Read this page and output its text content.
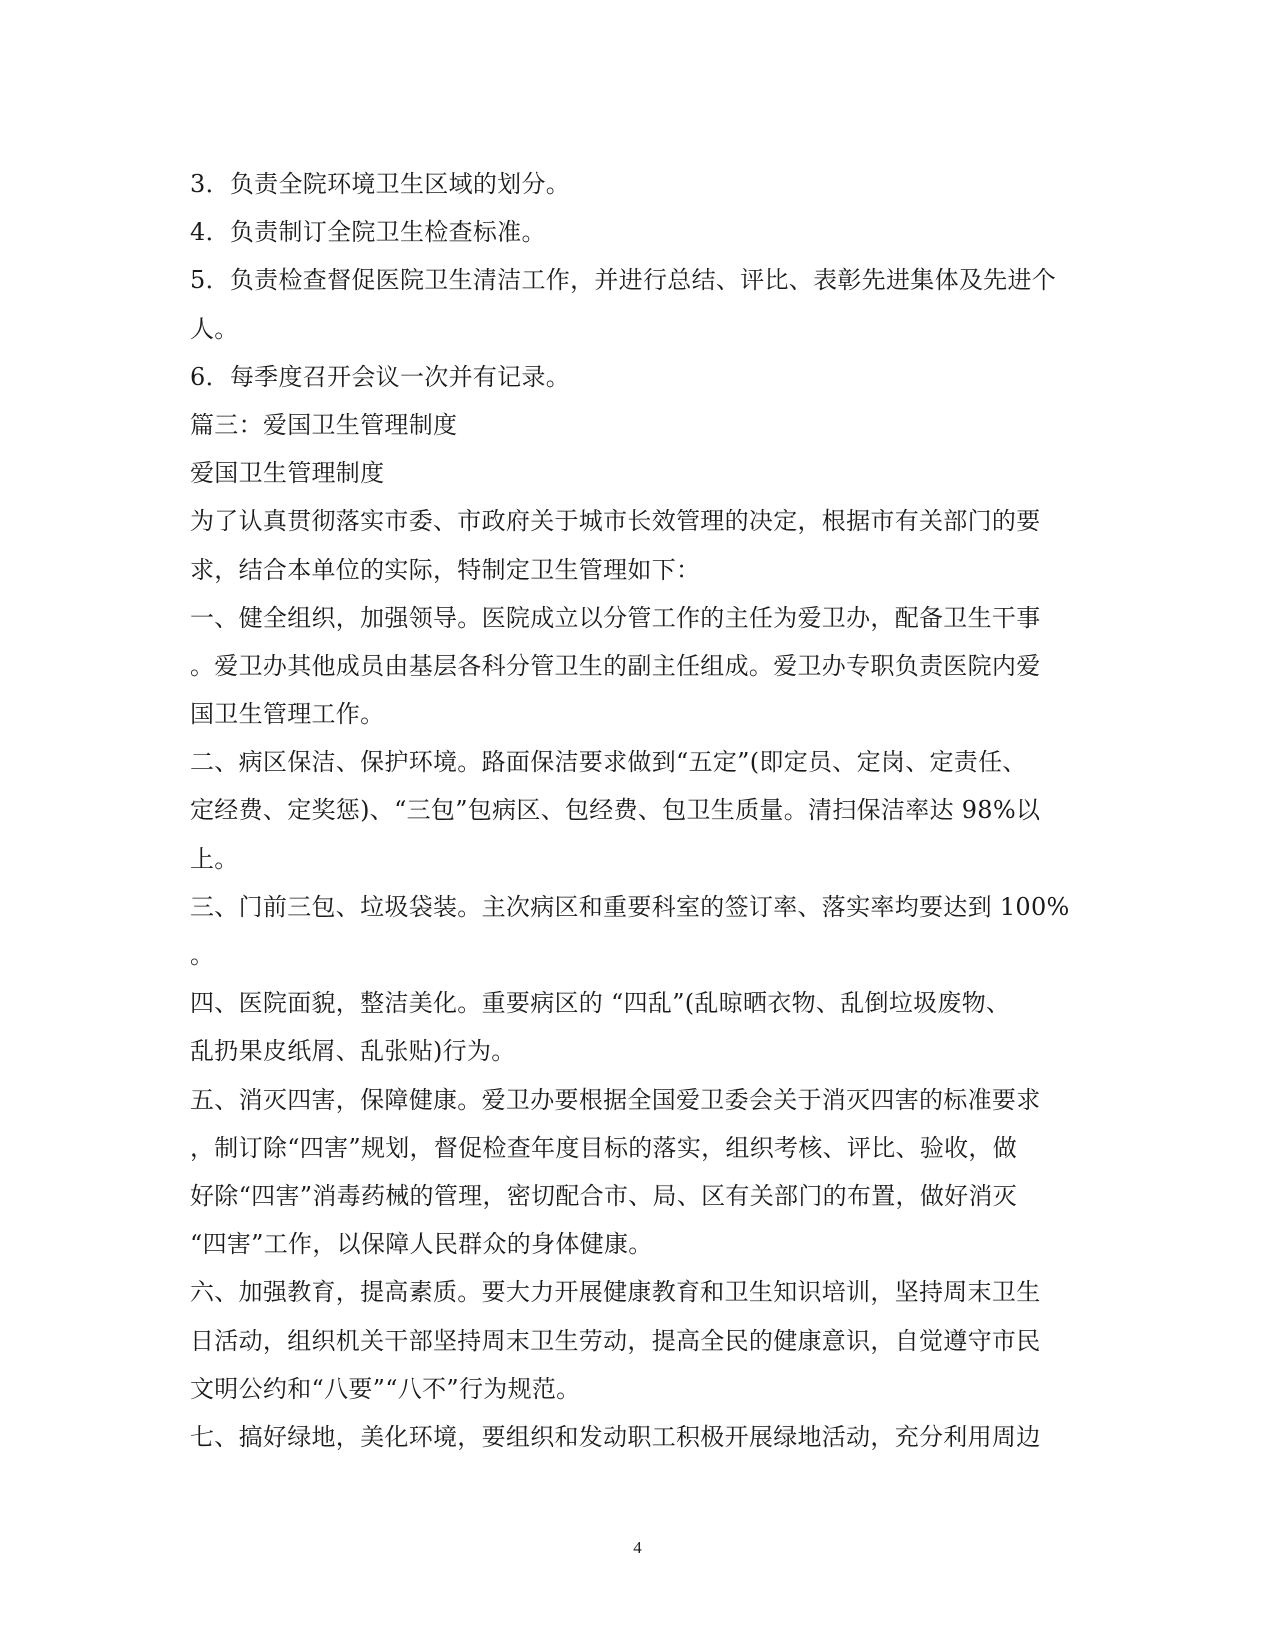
3．负责全院环境卫生区域的划分。
4．负责制订全院卫生检查标准。
5．负责检查督促医院卫生清洁工作，并进行总结、评比、表彰先进集体及先进个
人。
6．每季度召开会议一次并有记录。
篇三：爱国卫生管理制度
爱国卫生管理制度
为了认真贯彻落实市委、市政府关于城市长效管理的决定，根据市有关部门的要
求，结合本单位的实际，特制定卫生管理如下：
一、健全组织，加强领导。医院成立以分管工作的主任为爱卫办，配备卫生干事
。爱卫办其他成员由基层各科分管卫生的副主任组成。爱卫办专职负责医院内爱
国卫生管理工作。
二、病区保洁、保护环境。路面保洁要求做到“五定”(即定员、定岗、定责任、
定经费、定奖惩)、“三包”包病区、包经费、包卫生质量。清扫保洁率达 98%以
上。
三、门前三包、垃圾袋装。主次病区和重要科室的签订率、落实率均要达到 100%
。
四、医院面貌，整洁美化。重要病区的 “四乱”(乱晾晒衣物、乱倒垃圾废物、
乱扔果皮纸屑、乱张贴)行为。
五、消灭四害，保障健康。爱卫办要根据全国爱卫委会关于消灭四害的标准要求
，制订除“四害”规划，督促检查年度目标的落实，组织考核、评比、验收，做
好除“四害”消毒药械的管理，密切配合市、局、区有关部门的布置，做好消灭
“四害”工作，以保障人民群众的身体健康。
六、加强教育，提高素质。要大力开展健康教育和卫生知识培训，坚持周末卫生
日活动，组织机关干部坚持周末卫生劳动，提高全民的健康意识，自觉遵守市民
文明公约和“八要”“八不”行为规范。
七、搞好绿地，美化环境，要组织和发动职工积极开展绿地活动，充分利用周边
4
